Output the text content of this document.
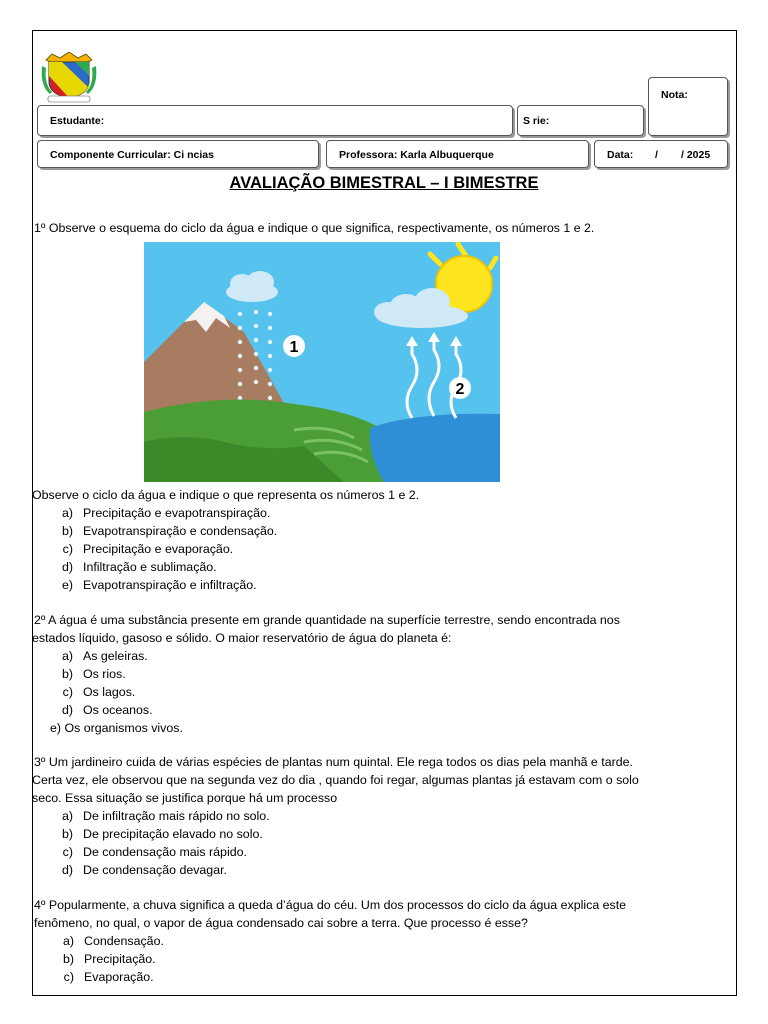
Estudante:	S rie:
Nota:
Componente Curricular: Ci ncias	Professora: Karla Albuquerque	Data: / / 2025
AVALIAÇÃO BIMESTRAL – I BIMESTRE
1º Observe o esquema do ciclo da água e indique o que significa, respectivamente, os números 1 e 2.
1
2
Observe o ciclo da água e indique o que representa os números 1 e 2.
a) Precipitação e evapotranspiração.
b) Evapotranspiração e condensação.
c) Precipitação e evaporação.
d) Infiltração e sublimação.
e) Evapotranspiração e infiltração.
2º A água é uma substância presente em grande quantidade na superfície terrestre, sendo encontrada nos
estados líquido, gasoso e sólido. O maior reservatório de água do planeta é:
a) As geleiras.
b) Os rios.
c) Os lagos.
d) Os oceanos.
e) Os organismos vivos.
3º Um jardineiro cuida de várias espécies de plantas num quintal. Ele rega todos os dias pela manhã e tarde.
Certa vez, ele observou que na segunda vez do dia , quando foi regar, algumas plantas já estavam com o solo
seco. Essa situação se justifica porque há um processo
a) De infiltração mais rápido no solo.
b) De precipitação elavado no solo.
c) De condensação mais rápido.
d) De condensação devagar.
4º Popularmente, a chuva significa a queda d’água do céu. Um dos processos do ciclo da água explica este
fenômeno, no qual, o vapor de água condensado cai sobre a terra. Que processo é esse?
a) Condensação.
b) Precipitação.
c) Evaporação.
